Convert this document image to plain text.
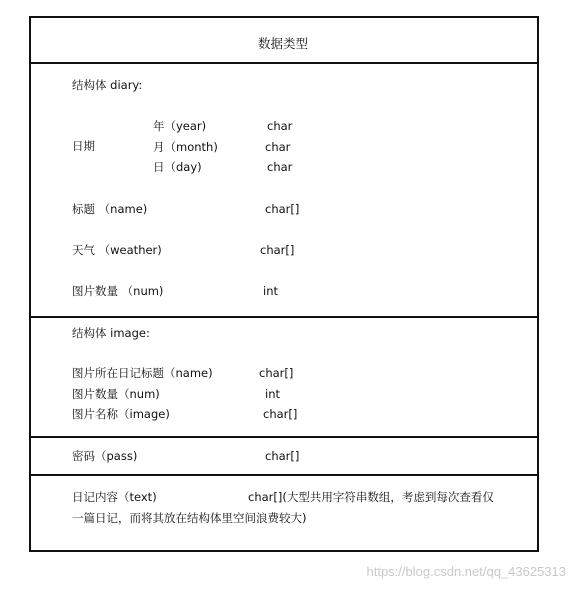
数据类型
结构体 diary:
日期
年（year)	char
月（month)	char
日（day)	char
标题 （name)	char[]
天气 （weather)	char[]
图片数量 （num)	int
结构体 image:
图片所在日记标题（name)	char[]
图片数量（num)	int
图片名称（image)	char[]
密码（pass)	char[]
日记内容（text)	char[](大型共用字符串数组，考虑到每次查看仅
一篇日记，而将其放在结构体里空间浪费较大)
https://blog.csdn.net/qq_43625313
